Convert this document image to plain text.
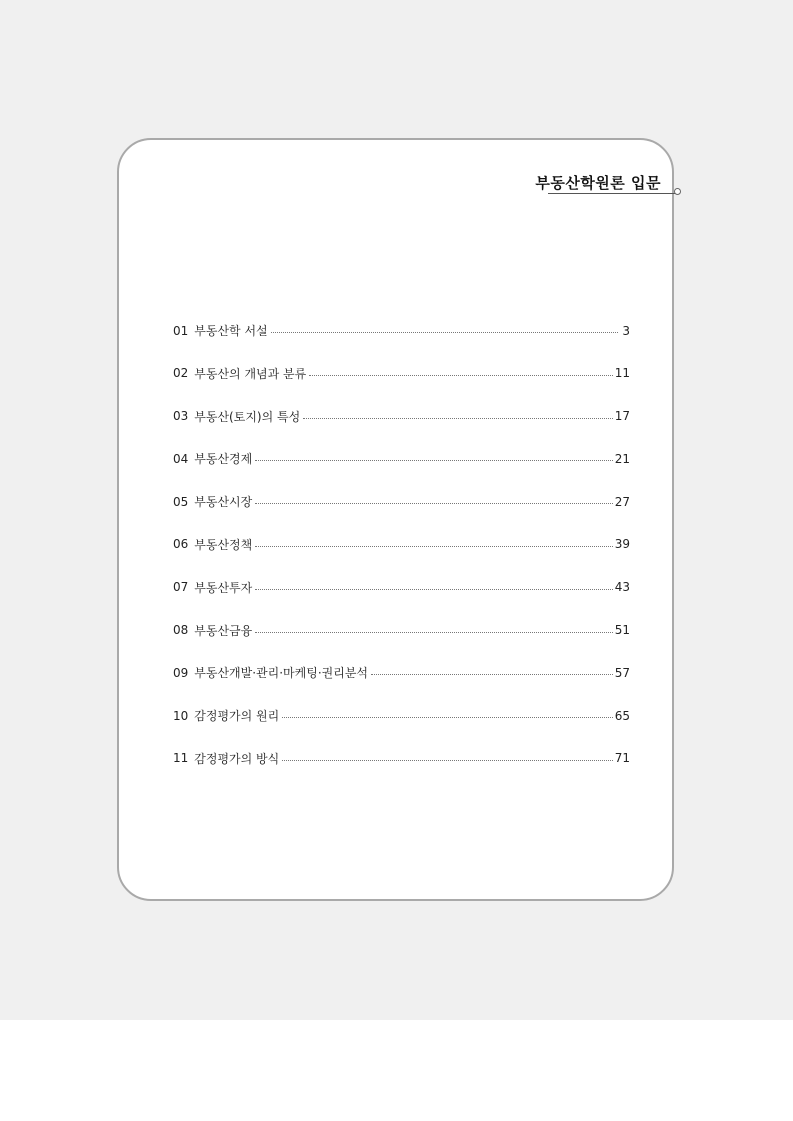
부동산학원론 입문
01 부동산학 서설	3
02 부동산의 개념과 분류	11
03 부동산(토지)의 특성	17
04 부동산경제	21
05 부동산시장	27
06 부동산정책	39
07 부동산투자	43
08 부동산금융	51
09 부동산개발·관리·마케팅·권리분석	57
10 감정평가의 원리	65
11 감정평가의 방식	71
